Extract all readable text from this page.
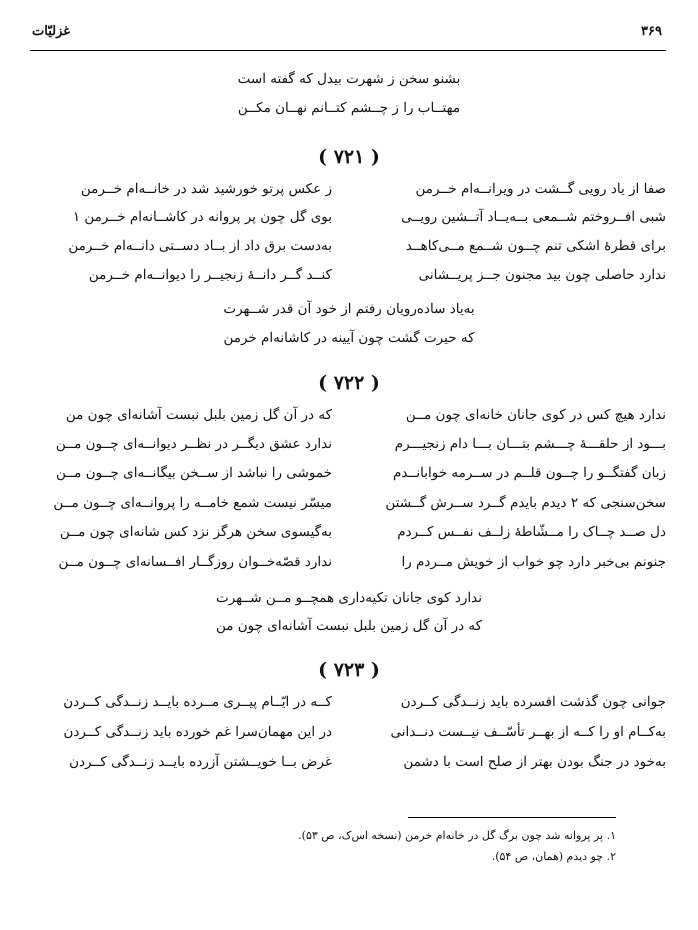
غزلیّات	۳۶۹
بشنو سخن ز شهرت بیدل که گفته است
مهتــاب را ز چــشم کتــانم نهــان مکــن
( ۷۲۱ )
صفا از یاد رویی گــشت در ویرانــه‌ام خــرمن
ز عکس پرتو خورشید شد در خانــه‌ام خــرمن
شبی افــروختم شــمعی بــه‌یــاد آتــشین رویــی
بوی گل چون پر پروانه در کاشــانه‌ام خــرمن ۱
برای قطرهٔ اشکی تنم چــون شــمع مــی‌کاهــد
به‌دست برق داد از بــاد دســتی دانــه‌ام خــرمن
ندارد حاصلی چون بید مجنون جــز پریــشانی
کنــد گــر دانــهٔ زنجیــر را دیوانــه‌ام خــرمن
به‌یاد ساده‌رویان رفتم از خود آن قدر شــهرت
که حیرت گشت چون آیینه در کاشانه‌ام خرمن
( ۷۲۲ )
ندارد هیچ کس در کوی جانان خانه‌ای چون مــن
که در آن گل زمین بلبل نبست آشانه‌ای چون من
بـــود از حلقـــهٔ چـــشم بتـــان بـــا دام زنجیـــرم
ندارد عشق دیگــر در نظــر دیوانــه‌ای چــون مــن
زبان گفتگــو را چــون قلــم در ســرمه خوابانــدم
خموشی را نباشد از ســخن بیگانــه‌ای چــون مــن
سخن‌سنجی که ۲ دیدم بایدم گــرد ســرش گــشتن
میسّر نیست شمع خامــه را پروانــه‌ای چــون مــن
دل صــد چــاک را مــشّاطهٔ زلــف نفــس کــردم
به‌گیسوی سخن هرگز نزد کس شانه‌ای چون مــن
جنونم بی‌خبر دارد چو خواب از خویش مــردم را
ندارد قصّه‌خــوان روزگــار افــسانه‌ای چــون مــن
ندارد کوی جانان تکیه‌داری همچــو مــن شــهرت
که در آن گل زمین بلبل نبست آشانه‌ای چون من
( ۷۲۳ )
جوانی چون گذشت افسرده باید زنــدگی کــردن
کــه در ایّــام پیــری مــرده بایــد زنــدگی کــردن
به‌کــام او را کــه از بهــر تأسّــف نیــست دنــدانی
در این مهمان‌سرا غم خورده باید زنــدگی کــردن
به‌خود در جنگ بودن بهتر از صلح است با دشمن
غرض بــا خویــشتن آزرده بایــد زنــدگی کــردن
۱. پر پروانه شد چون برگ گل در خانه‌ام خرمن (نسخه اس‌ک، ص ۵۳).
۲. چو دیدم (همان، ص ۵۴).
